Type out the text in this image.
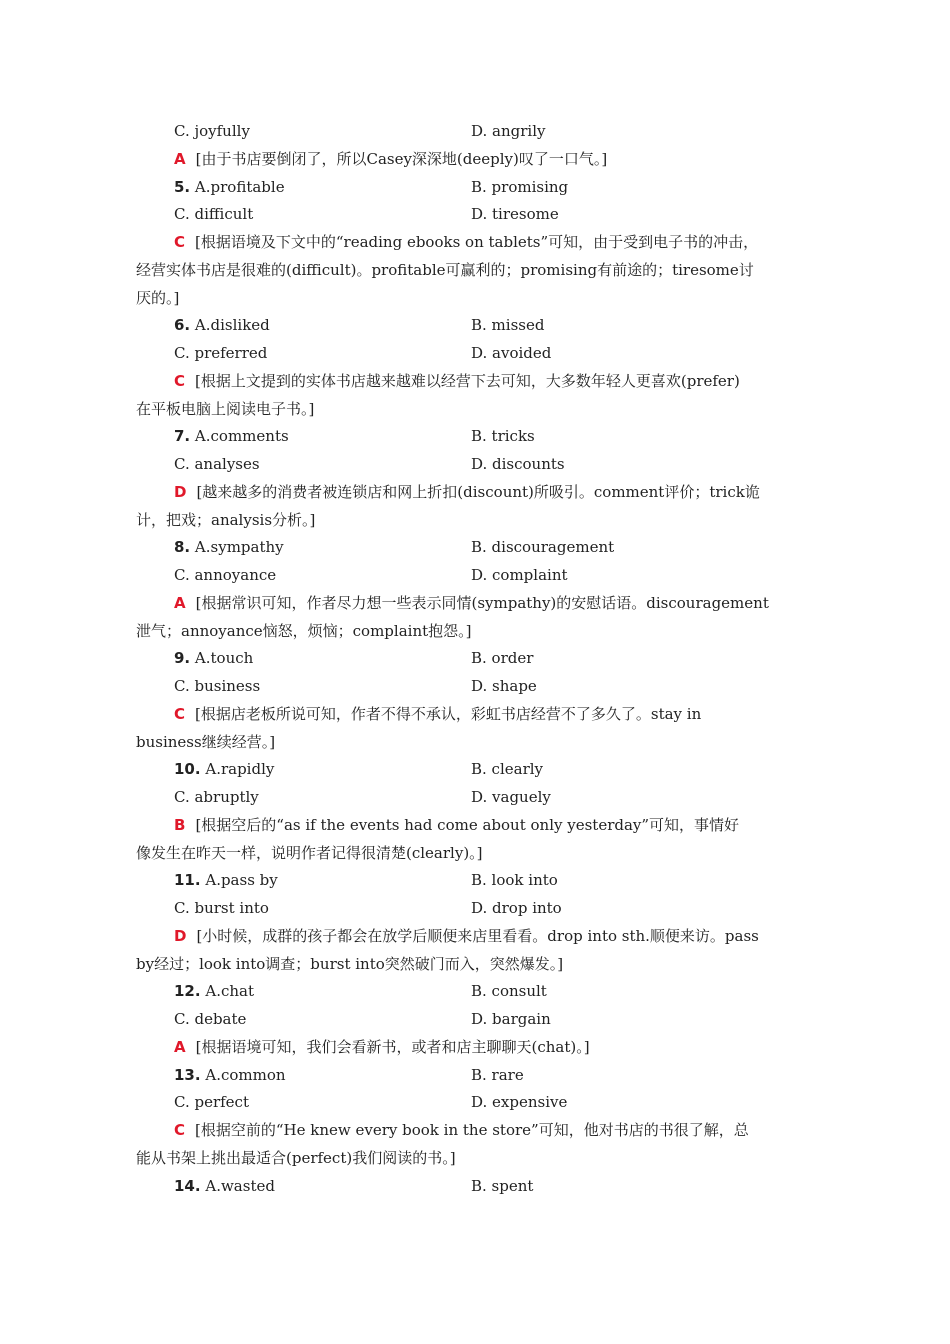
C. joyfully	D. angrily
A [由于书店要倒闭了，所以Casey深深地(deeply)叹了一口气。]
5. A.profitable	B. promising
C. difficult	D. tiresome
C [根据语境及下文中的“reading ebooks on tablets”可知，由于受到电子书的冲击，
经营实体书店是很难的(difficult)。profitable可赢利的；promising有前途的；tiresome讨
厌的。]
6. A.disliked	B. missed
C. preferred	D. avoided
C [根据上文提到的实体书店越来越难以经营下去可知，大多数年轻人更喜欢(prefer)
在平板电脑上阅读电子书。]
7. A.comments	B. tricks
C. analyses	D. discounts
D [越来越多的消费者被连锁店和网上折扣(discount)所吸引。comment评价；trick诡
计，把戏；analysis分析。]
8. A.sympathy	B. discouragement
C. annoyance	D. complaint
A [根据常识可知，作者尽力想一些表示同情(sympathy)的安慰话语。discouragement
泄气；annoyance恼怒，烦恼；complaint抱怨。]
9. A.touch	B. order
C. business	D. shape
C [根据店老板所说可知，作者不得不承认，彩虹书店经营不了多久了。stay in
business继续经营。]
10. A.rapidly	B. clearly
C. abruptly	D. vaguely
B [根据空后的“as if the events had come about only yesterday”可知，事情好
像发生在昨天一样，说明作者记得很清楚(clearly)。]
11. A.pass by	B. look into
C. burst into	D. drop into
D [小时候，成群的孩子都会在放学后顺便来店里看看。drop into sth.顺便来访。pass
by经过；look into调查；burst into突然破门而入，突然爆发。]
12. A.chat	B. consult
C. debate	D. bargain
A [根据语境可知，我们会看新书，或者和店主聊聊天(chat)。]
13. A.common	B. rare
C. perfect	D. expensive
C [根据空前的“He knew every book in the store”可知，他对书店的书很了解，总
能从书架上挑出最适合(perfect)我们阅读的书。]
14. A.wasted	B. spent
